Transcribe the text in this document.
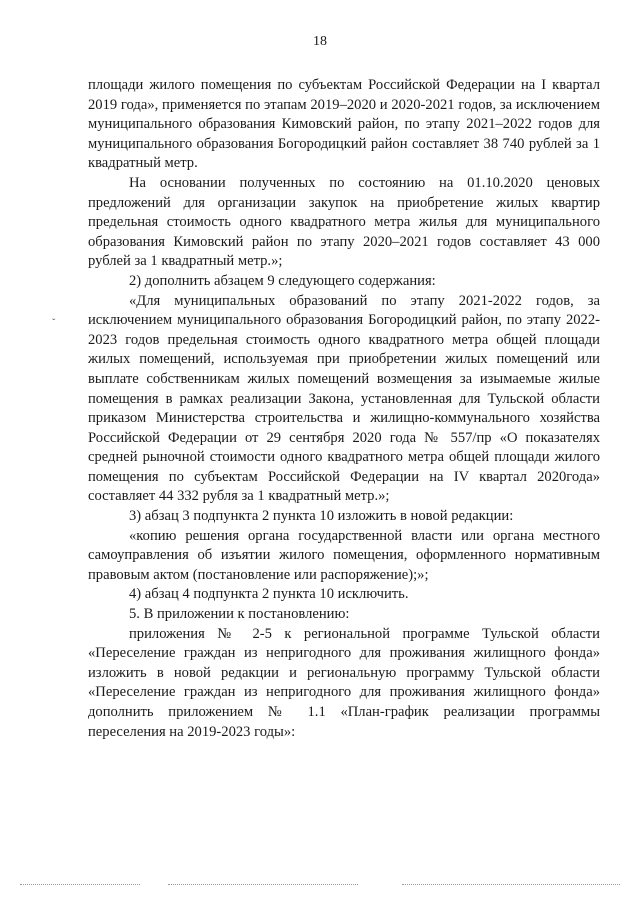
18
ˇ

площади жилого помещения по субъектам Российской Федерации на I квартал 2019 года», применяется по этапам 2019–2020 и 2020-2021 годов, за исключением муниципального образования Кимовский район, по этапу 2021–2022 годов для муниципального образования Богородицкий район составляет 38 740 рублей за 1 квадратный метр.

На основании полученных по состоянию на 01.10.2020 ценовых предложений для организации закупок на приобретение жилых квартир предельная стоимость одного квадратного метра жилья для муниципального образования Кимовский район по этапу 2020–2021 годов составляет 43 000 рублей за 1 квадратный метр.»;

2) дополнить абзацем 9 следующего содержания:

«Для муниципальных образований по этапу 2021-2022 годов, за исключением муниципального образования Богородицкий район, по этапу 2022-2023 годов предельная стоимость одного квадратного метра общей площади жилых помещений, используемая при приобретении жилых помещений или выплате собственникам жилых помещений возмещения за изымаемые жилые помещения в рамках реализации Закона, установленная для Тульской области приказом Министерства строительства и жилищно-коммунального хозяйства Российской Федерации от 29 сентября 2020 года № 557/пр «О показателях средней рыночной стоимости одного квадратного метра общей площади жилого помещения по субъектам Российской Федерации на IV квартал 2020года» составляет 44 332 рубля за 1 квадратный метр.»;

3) абзац 3 подпункта 2 пункта 10 изложить в новой редакции:

«копию решения органа государственной власти или органа местного самоуправления об изъятии жилого помещения, оформленного нормативным правовым актом (постановление или распоряжение);»;

4) абзац 4 подпункта 2 пункта 10 исключить.

5. В приложении к постановлению:

приложения № 2-5 к региональной программе Тульской области «Переселение граждан из непригодного для проживания жилищного фонда» изложить в новой редакции и региональную программу Тульской области «Переселение граждан из непригодного для проживания жилищного фонда» дополнить приложением № 1.1 «План-график реализации программы переселения на 2019-2023 годы»:
